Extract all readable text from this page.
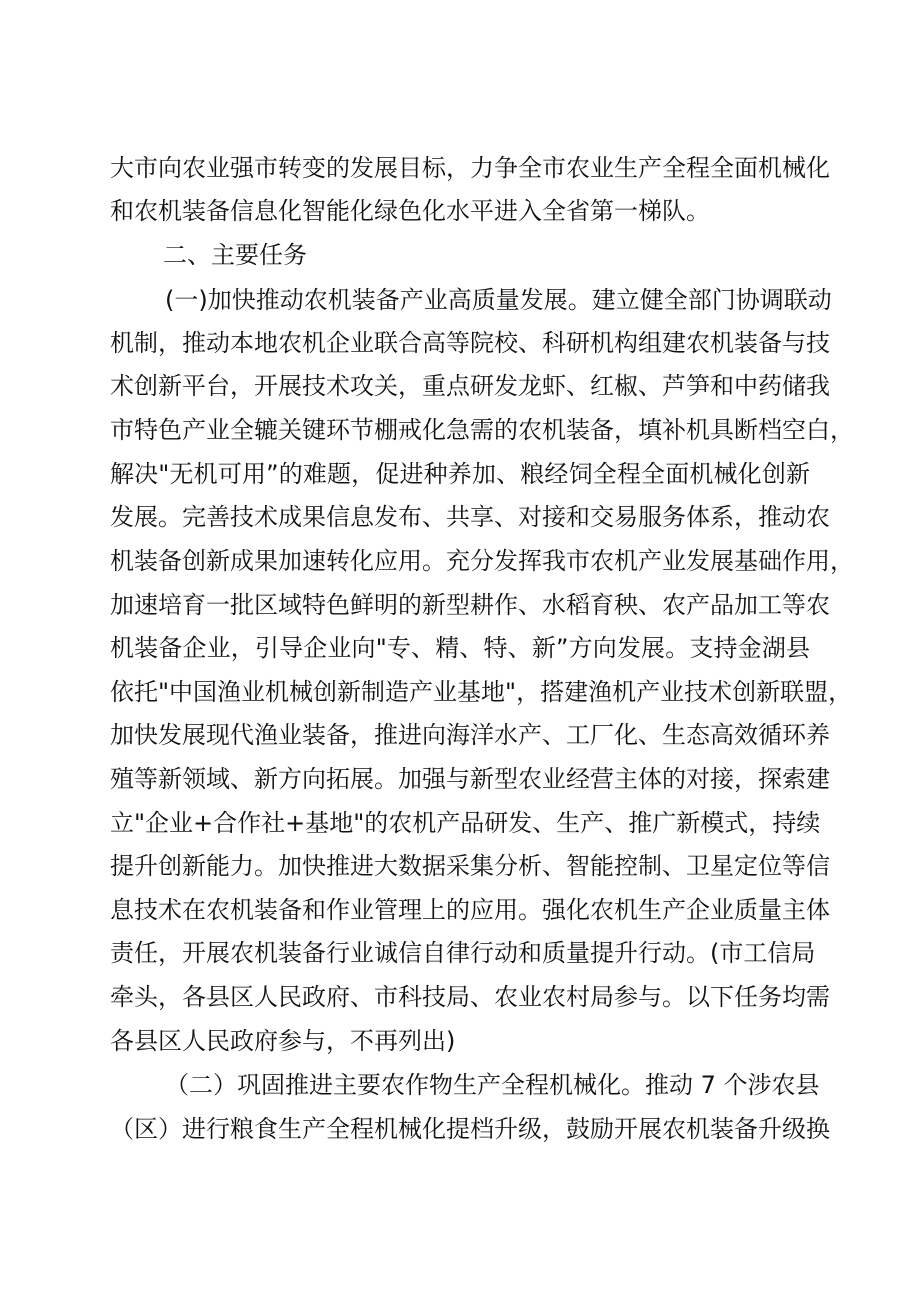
大市向农业强市转变的发展目标，力争全市农业生产全程全面机械化
和农机装备信息化智能化绿色化水平进入全省第一梯队。
二、主要任务
(一)加快推动农机装备产业高质量发展。建立健全部门协调联动
机制，推动本地农机企业联合高等院校、科研机构组建农机装备与技
术创新平台，开展技术攻关，重点研发龙虾、红椒、芦笋和中药储我
市特色产业全辘关键环节棚戒化急需的农机装备，填补机具断档空白，
解决"无机可用”的难题，促进种养加、粮经饲全程全面机械化创新
发展。完善技术成果信息发布、共享、对接和交易服务体系，推动农
机装备创新成果加速转化应用。充分发挥我市农机产业发展基础作用，
加速培育一批区域特色鲜明的新型耕作、水稻育秧、农产品加工等农
机装备企业，引导企业向"专、精、特、新”方向发展。支持金湖县
依托"中国渔业机械创新制造产业基地"，搭建渔机产业技术创新联盟，
加快发展现代渔业装备，推进向海洋水产、工厂化、生态高效循环养
殖等新领域、新方向拓展。加强与新型农业经营主体的对接，探索建
立"企业+合作社+基地"的农机产品研发、生产、推广新模式，持续
提升创新能力。加快推进大数据采集分析、智能控制、卫星定位等信
息技术在农机装备和作业管理上的应用。强化农机生产企业质量主体
责任，开展农机装备行业诚信自律行动和质量提升行动。(市工信局
牵头，各县区人民政府、市科技局、农业农村局参与。以下任务均需
各县区人民政府参与，不再列出)
（二）巩固推进主要农作物生产全程机械化。推动 7 个涉农县
（区）进行粮食生产全程机械化提档升级，鼓励开展农机装备升级换
